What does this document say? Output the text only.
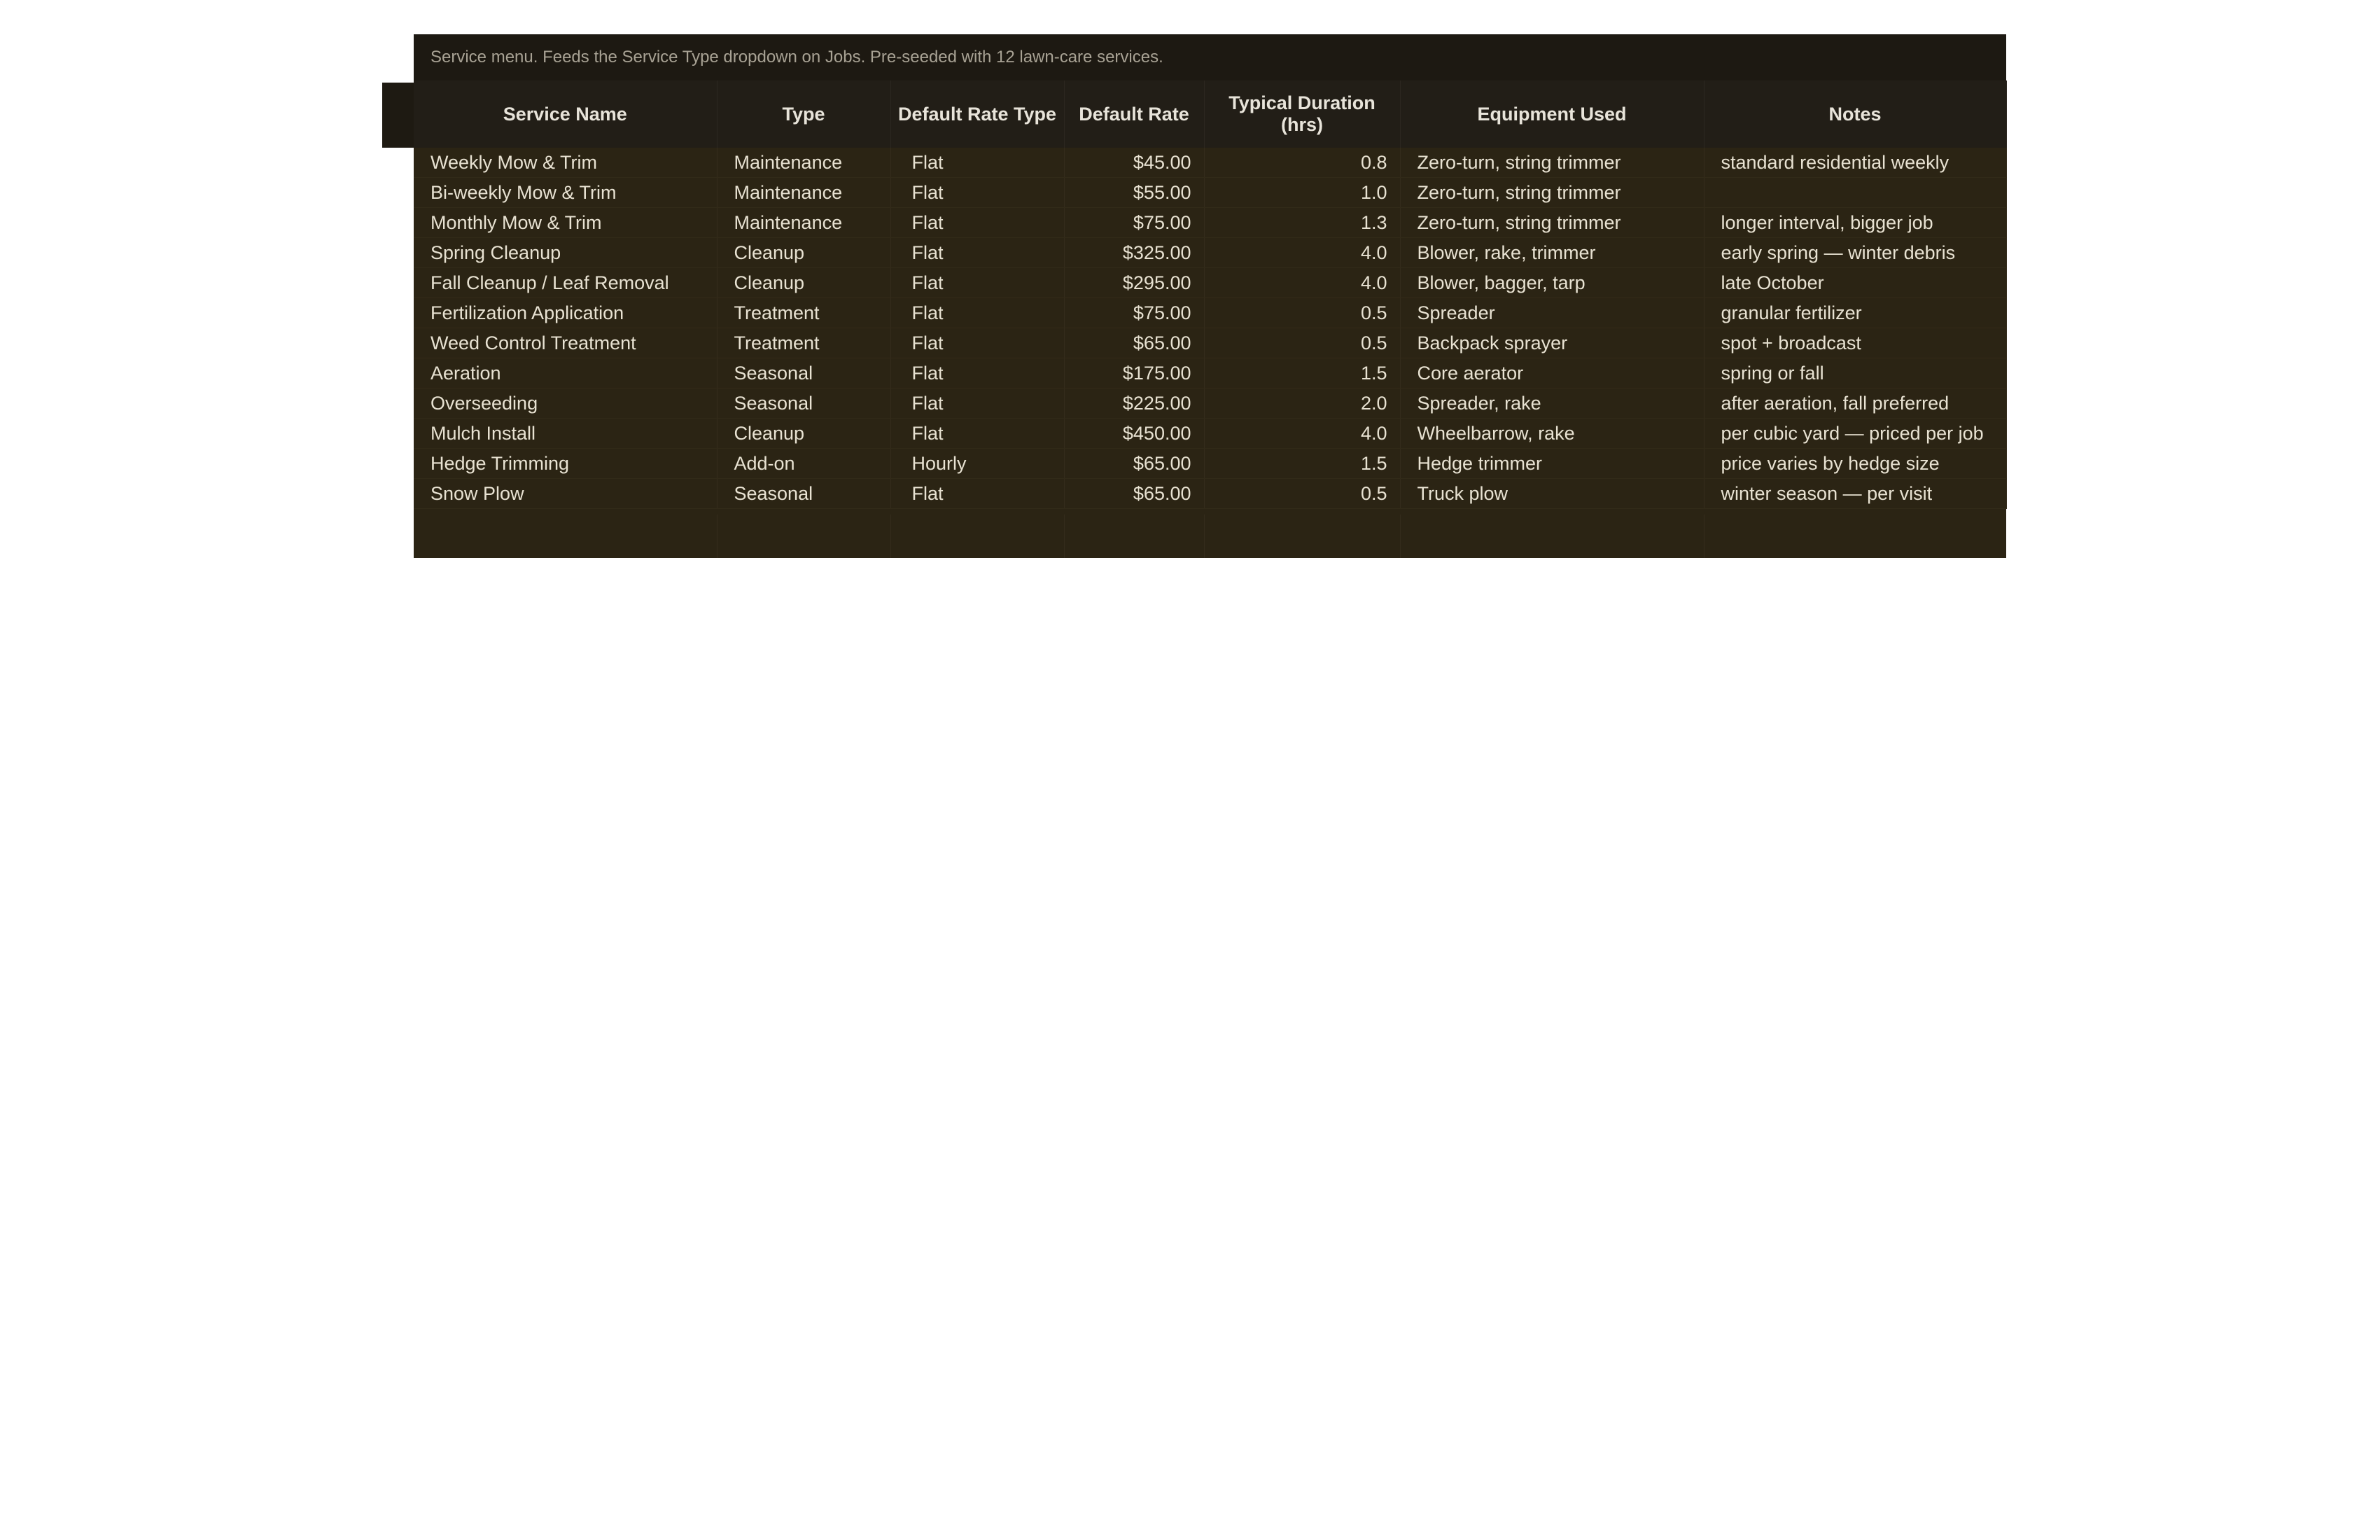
Service menu. Feeds the Service Type dropdown on Jobs. Pre-seeded with 12 lawn-care services.
Service Name	Type	Default Rate Type	Default Rate	Typical Duration (hrs)	Equipment Used	Notes
Weekly Mow & Trim	Maintenance	Flat	$45.00	0.8	Zero-turn, string trimmer	standard residential weekly
Bi-weekly Mow & Trim	Maintenance	Flat	$55.00	1.0	Zero-turn, string trimmer	
Monthly Mow & Trim	Maintenance	Flat	$75.00	1.3	Zero-turn, string trimmer	longer interval, bigger job
Spring Cleanup	Cleanup	Flat	$325.00	4.0	Blower, rake, trimmer	early spring — winter debris
Fall Cleanup / Leaf Removal	Cleanup	Flat	$295.00	4.0	Blower, bagger, tarp	late October
Fertilization Application	Treatment	Flat	$75.00	0.5	Spreader	granular fertilizer
Weed Control Treatment	Treatment	Flat	$65.00	0.5	Backpack sprayer	spot + broadcast
Aeration	Seasonal	Flat	$175.00	1.5	Core aerator	spring or fall
Overseeding	Seasonal	Flat	$225.00	2.0	Spreader, rake	after aeration, fall preferred
Mulch Install	Cleanup	Flat	$450.00	4.0	Wheelbarrow, rake	per cubic yard — priced per job
Hedge Trimming	Add-on	Hourly	$65.00	1.5	Hedge trimmer	price varies by hedge size
Snow Plow	Seasonal	Flat	$65.00	0.5	Truck plow	winter season — per visit
